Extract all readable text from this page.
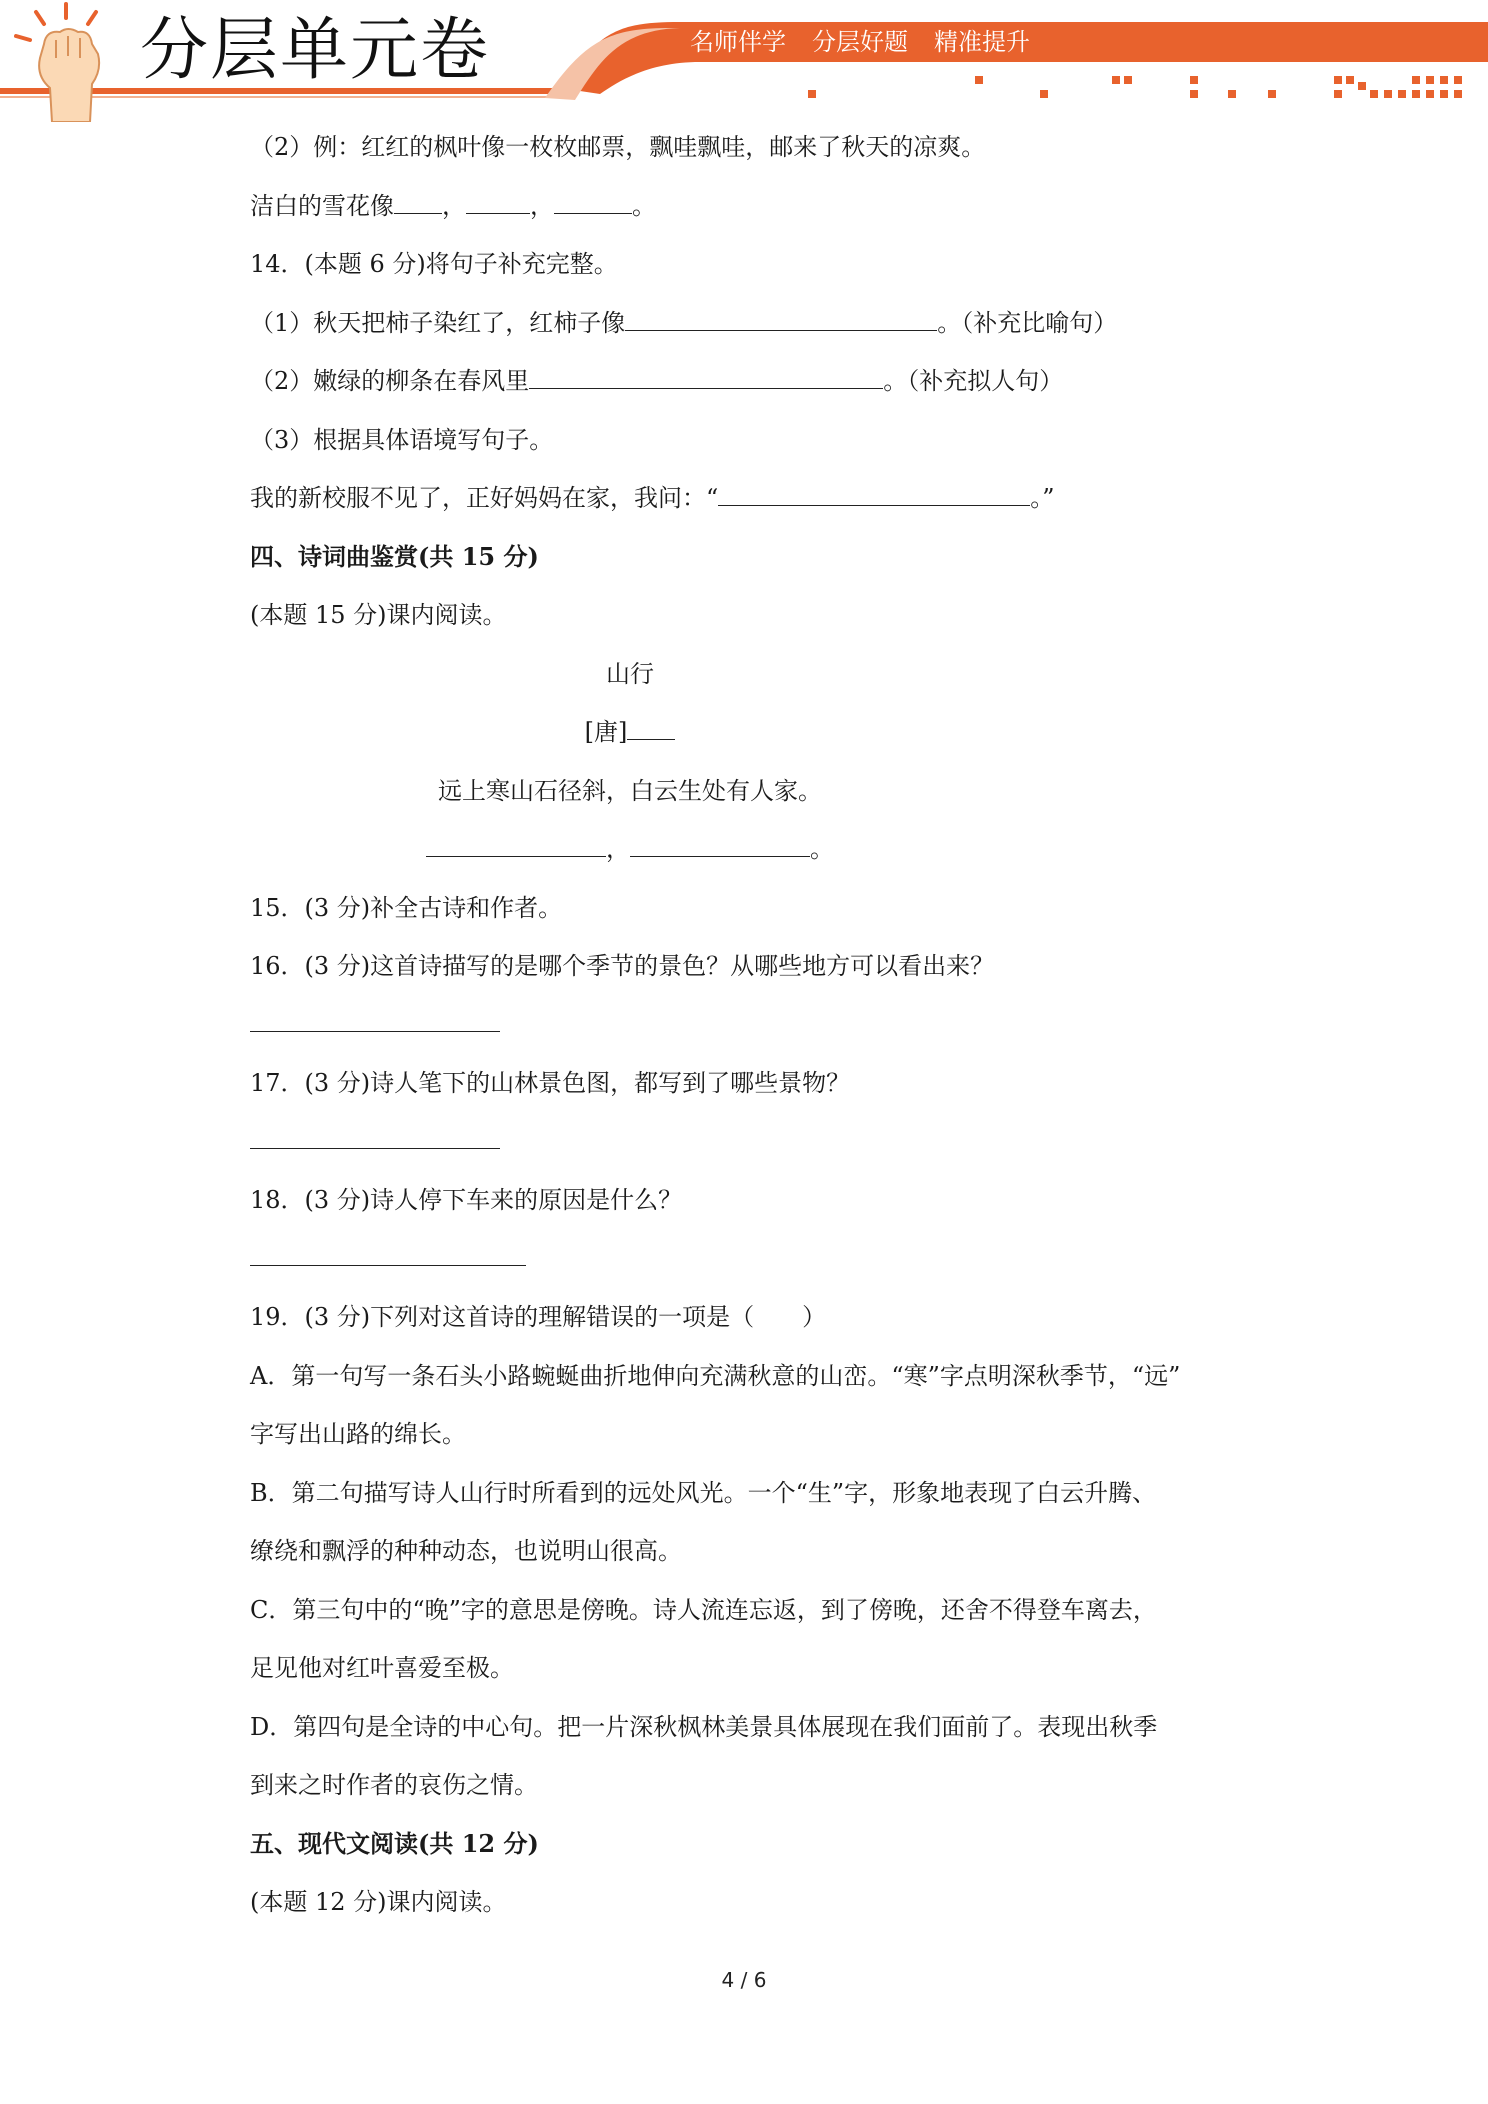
分层单元卷	名师伴学 分层好题 精准提升
（2）例：红红的枫叶像一枚枚邮票，飘哇飘哇，邮来了秋天的凉爽。
洁白的雪花像 ，	，	。
14．(本题 6 分)将句子补充完整。
（1）秋天把柿子染红了，红柿子像	。（补充比喻句）
（2）嫩绿的柳条在春风里	。（补充拟人句）
（3）根据具体语境写句子。
我的新校服不见了，正好妈妈在家，我问：“	。”
四、诗词曲鉴赏(共 15 分)
(本题 15 分)课内阅读。
山行
[唐]
远上寒山石径斜，白云生处有人家。
，	。
15．(3 分)补全古诗和作者。
16．(3 分)这首诗描写的是哪个季节的景色？从哪些地方可以看出来？
17．(3 分)诗人笔下的山林景色图，都写到了哪些景物？
18．(3 分)诗人停下车来的原因是什么？
19．(3 分)下列对这首诗的理解错误的一项是（　　）
A．第一句写一条石头小路蜿蜒曲折地伸向充满秋意的山峦。“寒”字点明深秋季节，“远”
字写出山路的绵长。
B．第二句描写诗人山行时所看到的远处风光。一个“生”字，形象地表现了白云升腾、
缭绕和飘浮的种种动态，也说明山很高。
C．第三句中的“晚”字的意思是傍晚。诗人流连忘返，到了傍晚，还舍不得登车离去，
足见他对红叶喜爱至极。
D．第四句是全诗的中心句。把一片深秋枫林美景具体展现在我们面前了。表现出秋季
到来之时作者的哀伤之情。
五、现代文阅读(共 12 分)
(本题 12 分)课内阅读。
4 / 6
